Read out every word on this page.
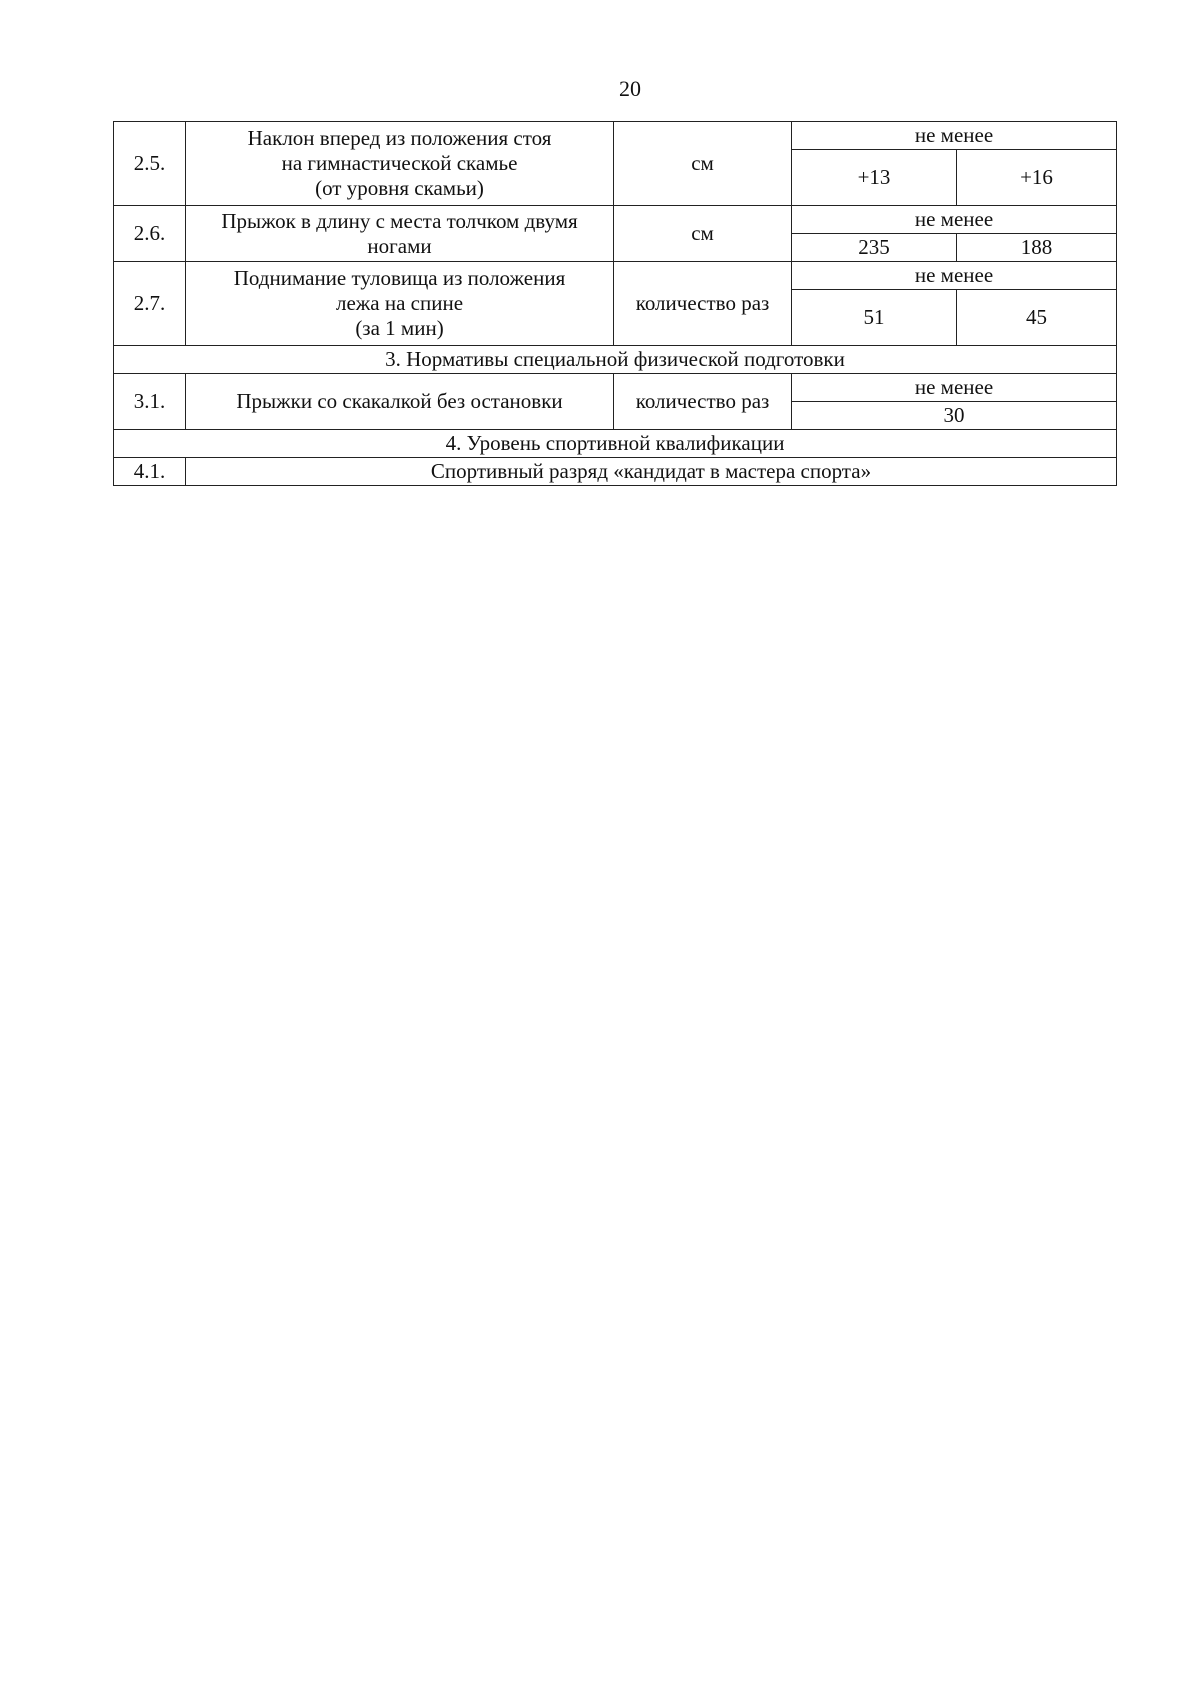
20
2.5.	Наклон вперед из положения стоя
на гимнастической скамье
(от уровня скамьи)	см	не менее	
			+13	+16
2.6.	Прыжок в длину с места толчком двумя
ногами	см	не менее	
			235	188
2.7.	Поднимание туловища из положения
лежа на спине
(за 1 мин)	количество раз	не менее	
			51	45
3. Нормативы специальной физической подготовки				
3.1.	Прыжки со скакалкой без остановки	количество раз	не менее	
			30	
4. Уровень спортивной квалификации				
4.1.	Спортивный разряд «кандидат в мастера спорта»			
